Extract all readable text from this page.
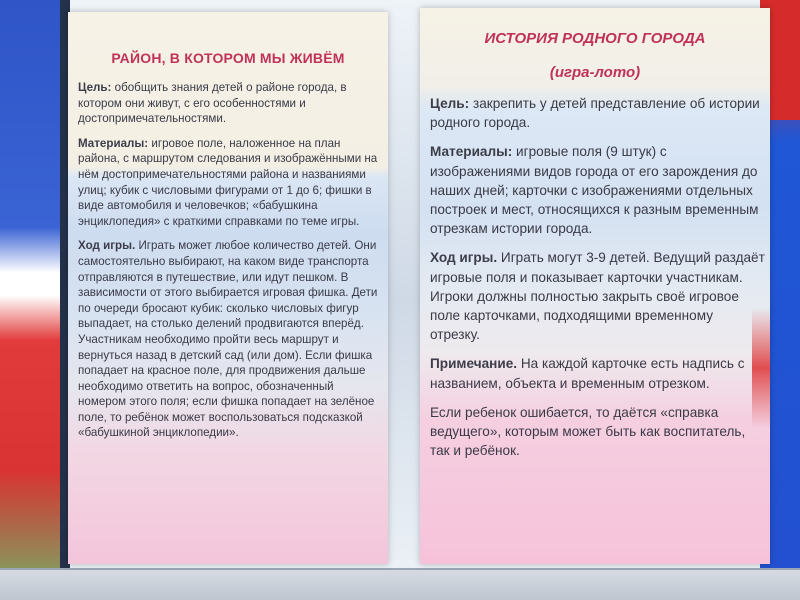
РАЙОН, В КОТОРОМ МЫ ЖИВЁМ

Цель: обобщить знания детей о районе города, в котором они живут, с его особенностями и достопримечательностями.

Материалы: игровое поле, наложенное на план района, с маршрутом следования и изображёнными на нём достопримечательностями района и названиями улиц; кубик с числовыми фигурами от 1 до 6; фишки в виде автомобиля и человечков; «бабушкина энциклопедия» с краткими справками по теме игры.

Ход игры. Играть может любое количество детей. Они самостоятельно выбирают, на каком виде транспорта отправляются в путешествие, или идут пешком. В зависимости от этого выбирается игровая фишка. Дети по очереди бросают кубик: сколько числовых фигур выпадает, на столько делений продвигаются вперёд. Участникам необходимо пройти весь маршрут и вернуться назад в детский сад (или дом). Если фишка попадает на красное поле, для продвижения дальше необходимо ответить на вопрос, обозначенный номером этого поля; если фишка попадает на зелёное поле, то ребёнок может воспользоваться подсказкой «бабушкиной энциклопедии».

ИСТОРИЯ РОДНОГО ГОРОДА
(игра-лото)

Цель: закрепить у детей представление об истории родного города.

Материалы: игровые поля (9 штук) с изображениями видов города от его зарождения до наших дней; карточки с изображениями отдельных построек и мест, относящихся к разным временным отрезкам истории города.

Ход игры. Играть могут 3-9 детей. Ведущий раздаёт игровые поля и показывает карточки участникам. Игроки должны полностью закрыть своё игровое поле карточками, подходящими временному отрезку.

Примечание. На каждой карточке есть надпись с названием, объекта и временным отрезком.

Если ребенок ошибается, то даётся «справка ведущего», которым может быть как воспитатель, так и ребёнок.
